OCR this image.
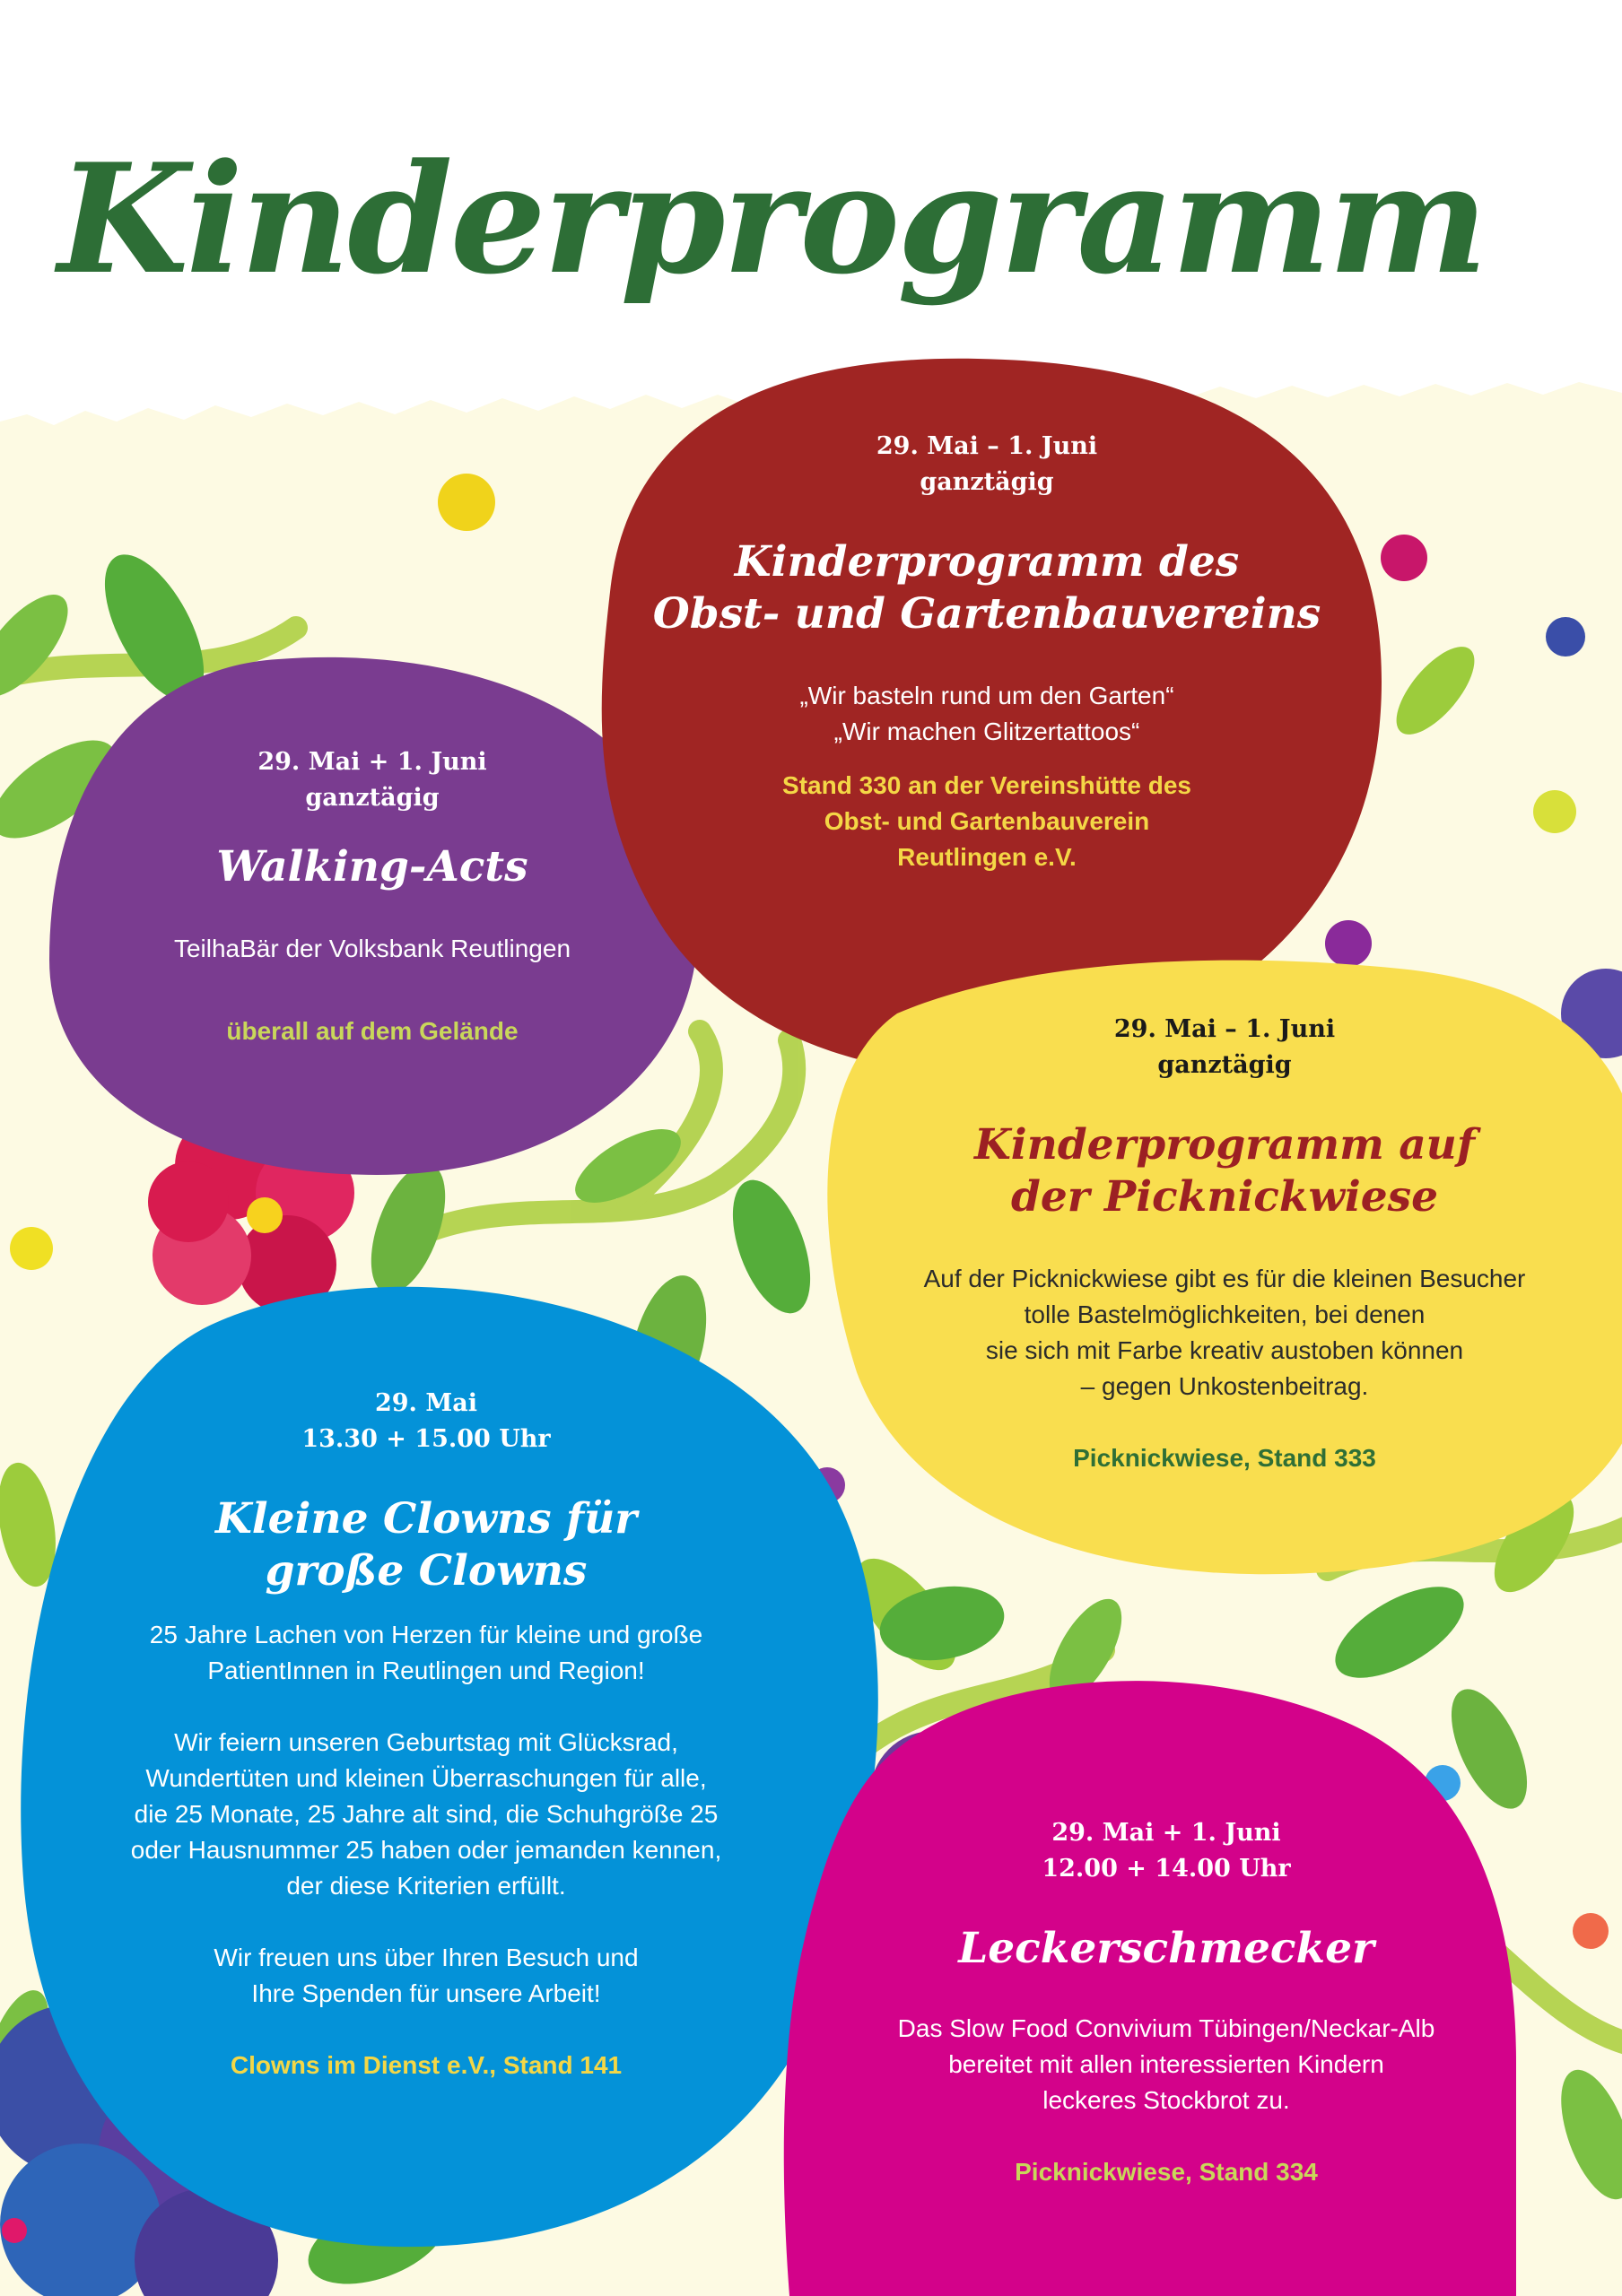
Kinderprogramm
29. Mai – 1. Juni
ganztägig
Kinderprogramm des
Obst- und Gartenbauvereins
„Wir basteln rund um den Garten“
„Wir machen Glitzertattoos“
Stand 330 an der Vereinshütte des
Obst- und Gartenbauverein
Reutlingen e.V.
29. Mai + 1. Juni
ganztägig
Walking-Acts
TeilhaBär der Volksbank Reutlingen
überall auf dem Gelände	29. Mai – 1. Juni
ganztägig
Kinderprogramm auf
der Picknickwiese
Auf der Picknickwiese gibt es für die kleinen Besucher
tolle Bastelmöglichkeiten, bei denen
sie sich mit Farbe kreativ austoben können
– gegen Unkostenbeitrag.
Picknickwiese, Stand 333
29. Mai
13.30 + 15.00 Uhr
Kleine Clowns für
große Clowns
25 Jahre Lachen von Herzen für kleine und große
PatientInnen in Reutlingen und Region!
Wir feiern unseren Geburtstag mit Glücksrad,
Wundertüten und kleinen Überraschungen für alle,
die 25 Monate, 25 Jahre alt sind, die Schuhgröße 25
oder Hausnummer 25 haben oder jemanden kennen,
der diese Kriterien erfüllt.
Wir freuen uns über Ihren Besuch und
Ihre Spenden für unsere Arbeit!
Clowns im Dienst e.V., Stand 141
29. Mai + 1. Juni
12.00 + 14.00 Uhr
Leckerschmecker
Das Slow Food Convivium Tübingen/Neckar-Alb
bereitet mit allen interessierten Kindern
leckeres Stockbrot zu.
Picknickwiese, Stand 334
